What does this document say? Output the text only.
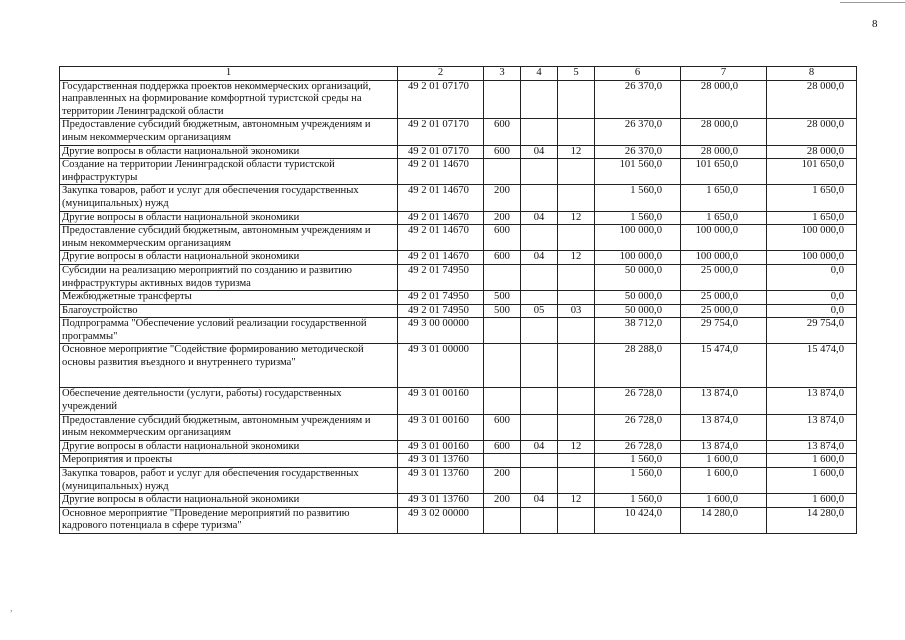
8
1	2	3	4	5	6	7	8
Государственная поддержка проектов некоммерческих организаций, направленных на формирование комфортной туристской среды на территории Ленинградской области	49 2 01 07170				26 370,0	28 000,0	28 000,0
Предоставление субсидий бюджетным, автономным учреждениям и иным некоммерческим организациям	49 2 01 07170	600			26 370,0	28 000,0	28 000,0
Другие вопросы в области национальной экономики	49 2 01 07170	600	04	12	26 370,0	28 000,0	28 000,0
Создание на территории Ленинградской области туристской инфраструктуры	49 2 01 14670				101 560,0	101 650,0	101 650,0
Закупка товаров, работ и услуг для обеспечения государственных (муниципальных) нужд	49 2 01 14670	200			1 560,0	1 650,0	1 650,0
Другие вопросы в области национальной экономики	49 2 01 14670	200	04	12	1 560,0	1 650,0	1 650,0
Предоставление субсидий бюджетным, автономным учреждениям и иным некоммерческим организациям	49 2 01 14670	600			100 000,0	100 000,0	100 000,0
Другие вопросы в области национальной экономики	49 2 01 14670	600	04	12	100 000,0	100 000,0	100 000,0
Субсидии на реализацию мероприятий по созданию и развитию инфраструктуры активных видов туризма	49 2 01 74950				50 000,0	25 000,0	0,0
Межбюджетные трансферты	49 2 01 74950	500			50 000,0	25 000,0	0,0
Благоустройство	49 2 01 74950	500	05	03	50 000,0	25 000,0	0,0
Подпрограмма "Обеспечение условий реализации государственной программы"	49 3 00 00000				38 712,0	29 754,0	29 754,0
Основное мероприятие "Содействие формированию методической основы развития въездного и внутреннего туризма"	49 3 01 00000				28 288,0	15 474,0	15 474,0
Обеспечение деятельности (услуги, работы) государственных учреждений	49 3 01 00160				26 728,0	13 874,0	13 874,0
Предоставление субсидий бюджетным, автономным учреждениям и иным некоммерческим организациям	49 3 01 00160	600			26 728,0	13 874,0	13 874,0
Другие вопросы в области национальной экономики	49 3 01 00160	600	04	12	26 728,0	13 874,0	13 874,0
Мероприятия и проекты	49 3 01 13760				1 560,0	1 600,0	1 600,0
Закупка товаров, работ и услуг для обеспечения государственных (муниципальных) нужд	49 3 01 13760	200			1 560,0	1 600,0	1 600,0
Другие вопросы в области национальной экономики	49 3 01 13760	200	04	12	1 560,0	1 600,0	1 600,0
Основное мероприятие "Проведение мероприятий по развитию кадрового потенциала в сфере туризма"	49 3 02 00000				10 424,0	14 280,0	14 280,0
,
